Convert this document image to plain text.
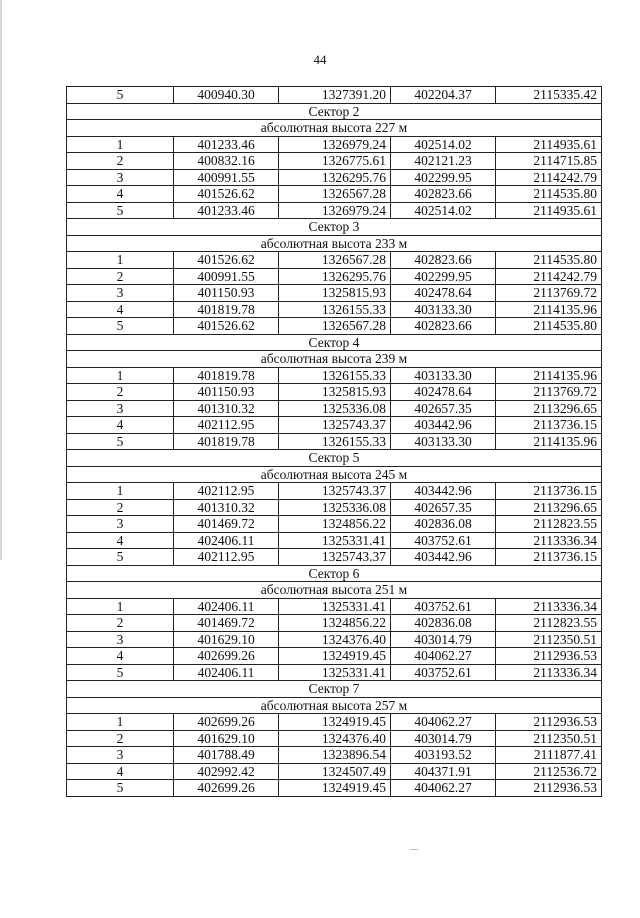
44
5	400940.30	1327391.20	402204.37	2115335.42
Сектор 2				
абсолютная высота 227 м				
1	401233.46	1326979.24	402514.02	2114935.61
2	400832.16	1326775.61	402121.23	2114715.85
3	400991.55	1326295.76	402299.95	2114242.79
4	401526.62	1326567.28	402823.66	2114535.80
5	401233.46	1326979.24	402514.02	2114935.61
Сектор 3				
абсолютная высота 233 м				
1	401526.62	1326567.28	402823.66	2114535.80
2	400991.55	1326295.76	402299.95	2114242.79
3	401150.93	1325815.93	402478.64	2113769.72
4	401819.78	1326155.33	403133.30	2114135.96
5	401526.62	1326567.28	402823.66	2114535.80
Сектор 4				
абсолютная высота 239 м				
1	401819.78	1326155.33	403133.30	2114135.96
2	401150.93	1325815.93	402478.64	2113769.72
3	401310.32	1325336.08	402657.35	2113296.65
4	402112.95	1325743.37	403442.96	2113736.15
5	401819.78	1326155.33	403133.30	2114135.96
Сектор 5				
абсолютная высота 245 м				
1	402112.95	1325743.37	403442.96	2113736.15
2	401310.32	1325336.08	402657.35	2113296.65
3	401469.72	1324856.22	402836.08	2112823.55
4	402406.11	1325331.41	403752.61	2113336.34
5	402112.95	1325743.37	403442.96	2113736.15
Сектор 6				
абсолютная высота 251 м				
1	402406.11	1325331.41	403752.61	2113336.34
2	401469.72	1324856.22	402836.08	2112823.55
3	401629.10	1324376.40	403014.79	2112350.51
4	402699.26	1324919.45	404062.27	2112936.53
5	402406.11	1325331.41	403752.61	2113336.34
Сектор 7				
абсолютная высота 257 м				
1	402699.26	1324919.45	404062.27	2112936.53
2	401629.10	1324376.40	403014.79	2112350.51
3	401788.49	1323896.54	403193.52	2111877.41
4	402992.42	1324507.49	404371.91	2112536.72
5	402699.26	1324919.45	404062.27	2112936.53
